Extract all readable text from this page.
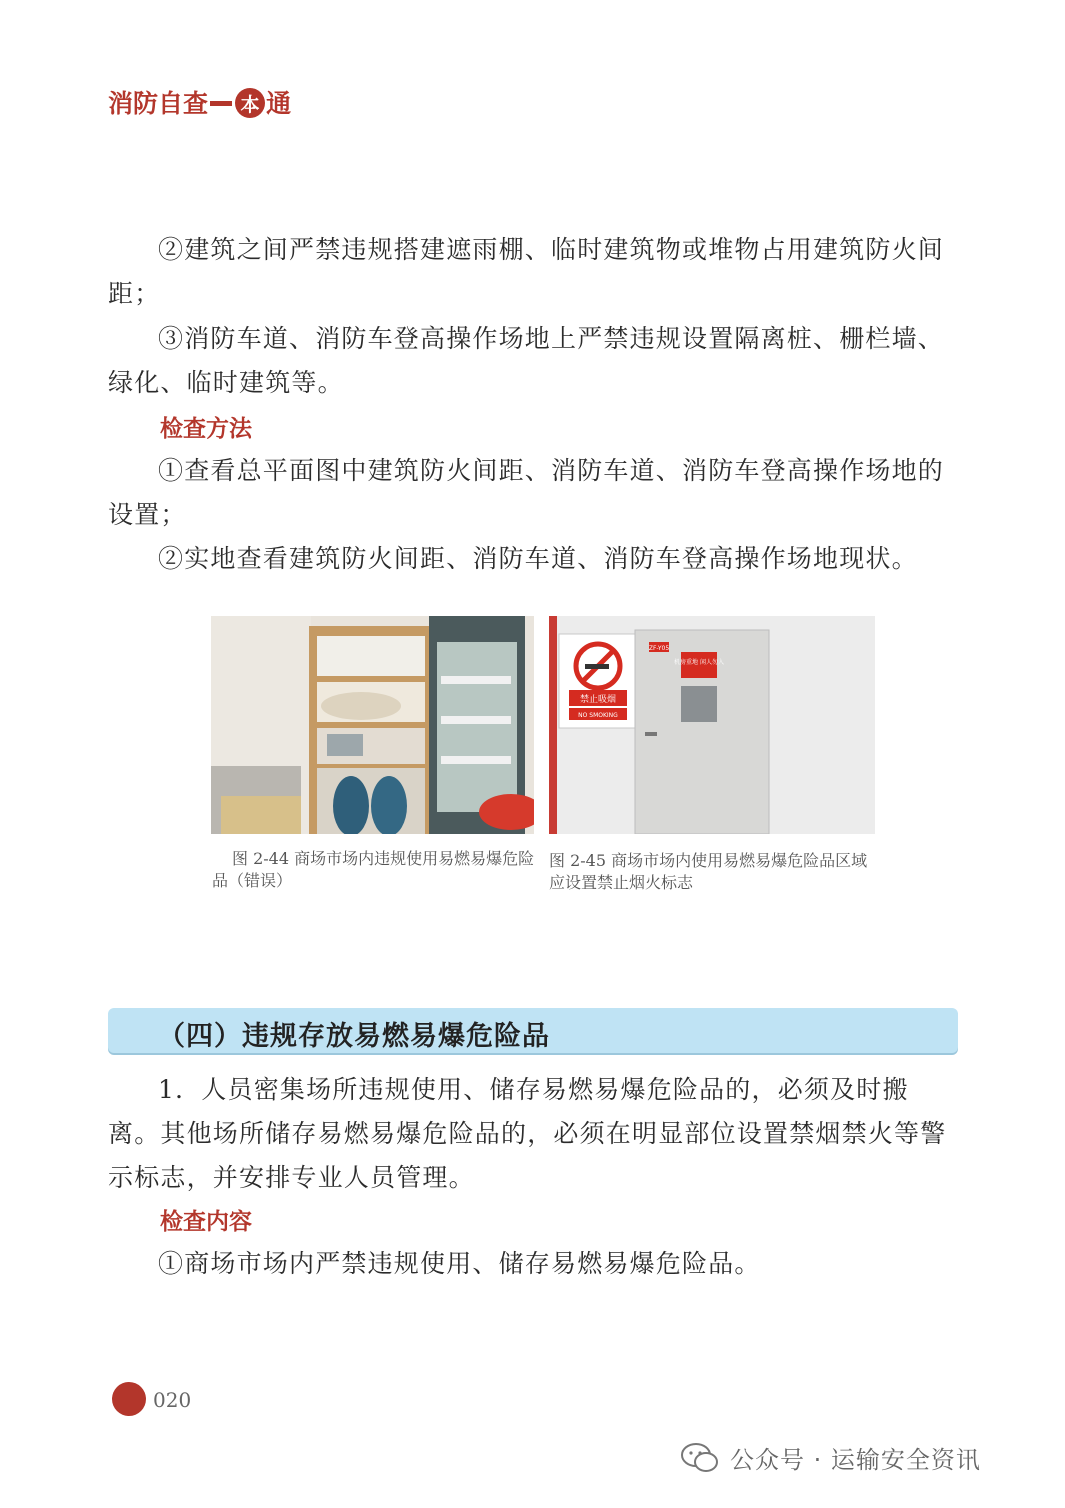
消 防 自 查 本 通

②建筑之间严禁违规搭建遮雨棚、临时建筑物或堆物占用建筑防火间距；

③消防车道、消防车登高操作场地上严禁违规设置隔离桩、栅栏墙、绿化、临时建筑等。

检查方法

①查看总平面图中建筑防火间距、消防车道、消防车登高操作场地的设置；

②实地查看建筑防火间距、消防车道、消防车登高操作场地现状。

图 2-44 商场市场内违规使用易燃易爆危险品（错误）

禁止吸烟
NO SMOKING
ZF-Y05
机房重地 闲人勿入

图 2-45 商场市场内使用易燃易爆危险品区域应设置禁止烟火标志

（四）违规存放易燃易爆危险品

1．人员密集场所违规使用、储存易燃易爆危险品的，必须及时搬离。其他场所储存易燃易爆危险品的，必须在明显部位设置禁烟禁火等警示标志，并安排专业人员管理。

检查内容

①商场市场内严禁违规使用、储存易燃易爆危险品。

020
公众号 · 运输安全资讯
